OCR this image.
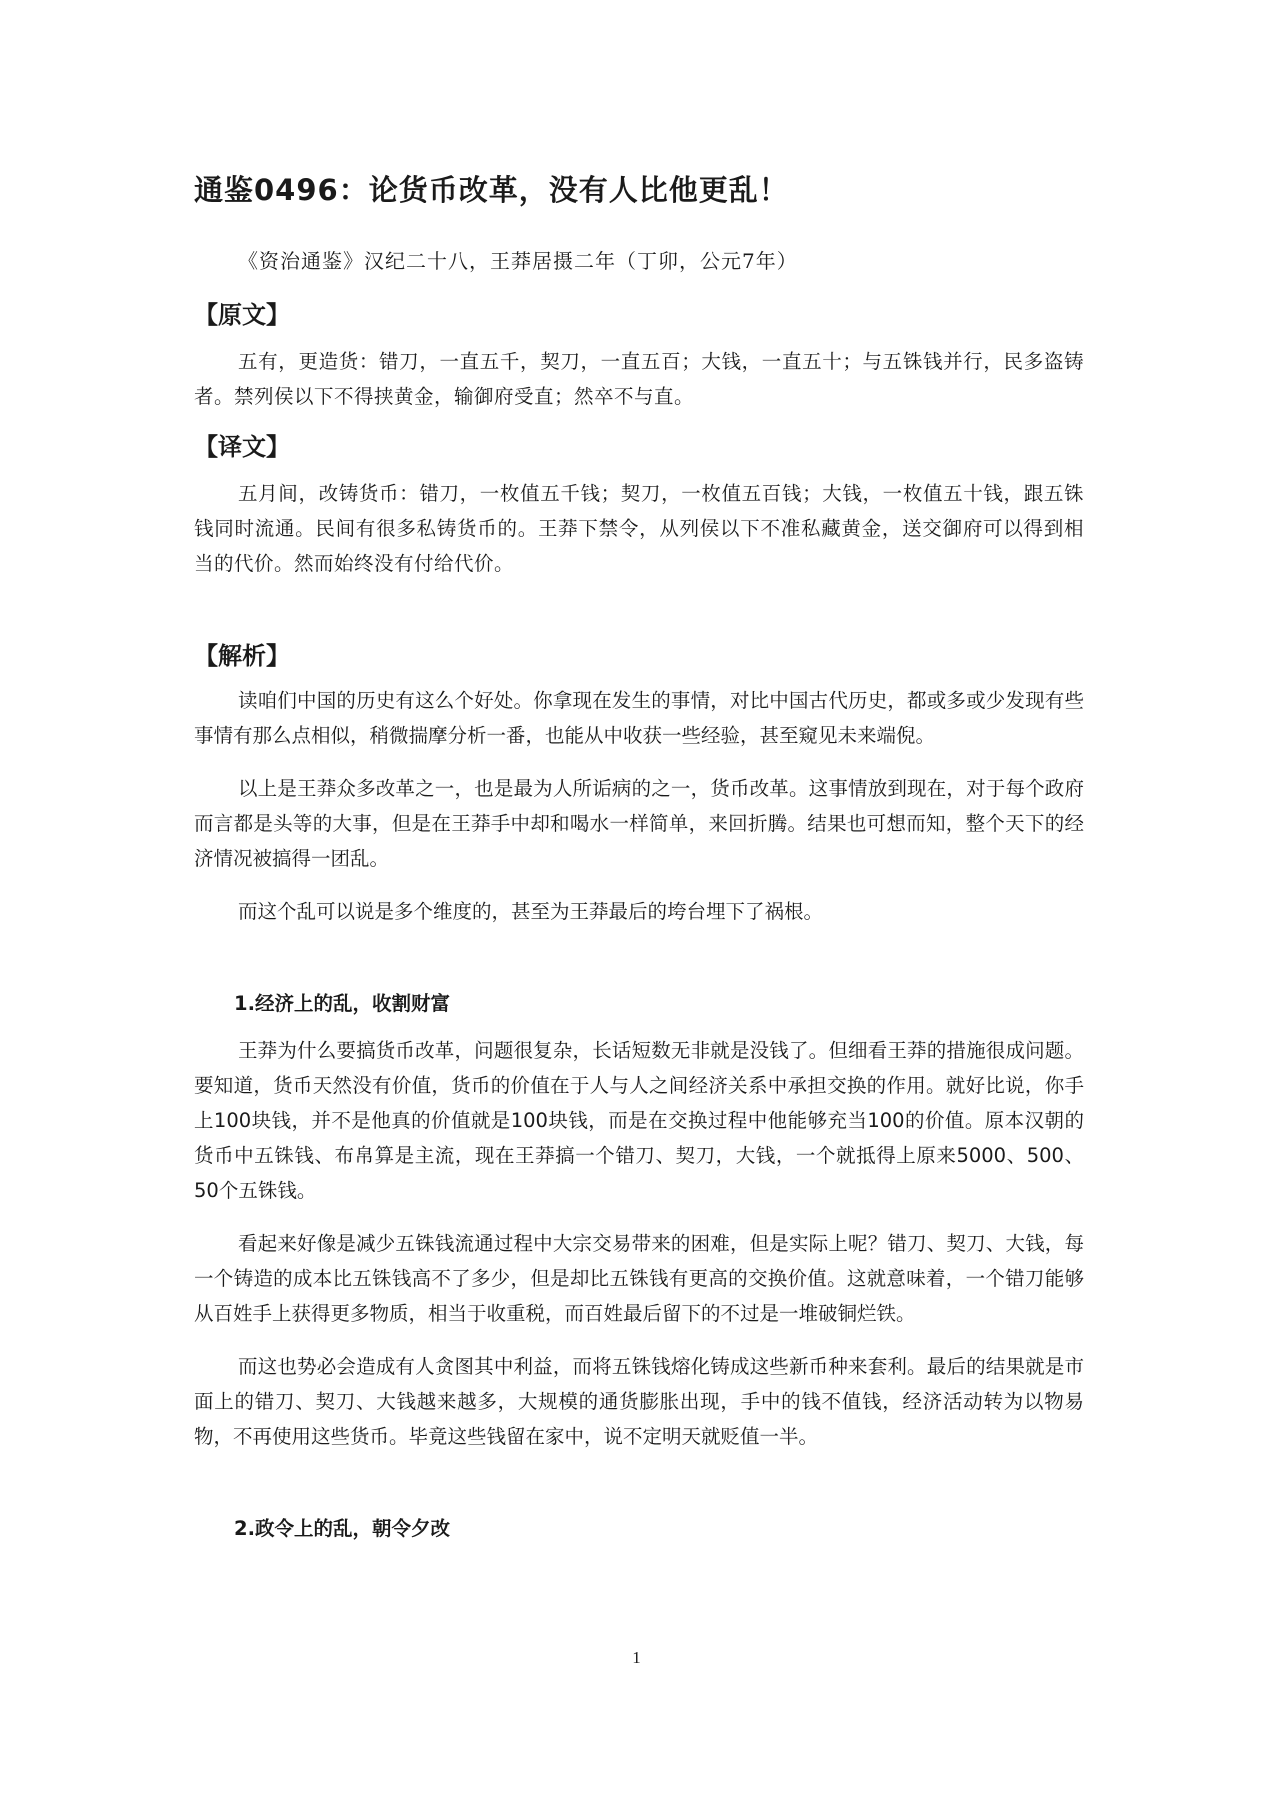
通鉴0496：论货币改革，没有人比他更乱！

《资治通鉴》汉纪二十八，王莽居摄二年（丁卯，公元7年）

【原文】

五有，更造货：错刀，一直五千，契刀，一直五百；大钱，一直五十；与五铢钱并行，民多盗铸者。禁列侯以下不得挟黄金，输御府受直；然卒不与直。

【译文】

五月间，改铸货币：错刀，一枚值五千钱；契刀，一枚值五百钱；大钱，一枚值五十钱，跟五铢钱同时流通。民间有很多私铸货币的。王莽下禁令，从列侯以下不准私藏黄金，送交御府可以得到相当的代价。然而始终没有付给代价。

【解析】

读咱们中国的历史有这么个好处。你拿现在发生的事情，对比中国古代历史，都或多或少发现有些事情有那么点相似，稍微揣摩分析一番，也能从中收获一些经验，甚至窥见未来端倪。

以上是王莽众多改革之一，也是最为人所诟病的之一，货币改革。这事情放到现在，对于每个政府而言都是头等的大事，但是在王莽手中却和喝水一样简单，来回折腾。结果也可想而知，整个天下的经济情况被搞得一团乱。

而这个乱可以说是多个维度的，甚至为王莽最后的垮台埋下了祸根。

1.经济上的乱，收割财富

王莽为什么要搞货币改革，问题很复杂，长话短数无非就是没钱了。但细看王莽的措施很成问题。要知道，货币天然没有价值，货币的价值在于人与人之间经济关系中承担交换的作用。就好比说，你手上100块钱，并不是他真的价值就是100块钱，而是在交换过程中他能够充当100的价值。原本汉朝的货币中五铢钱、布帛算是主流，现在王莽搞一个错刀、契刀，大钱，一个就抵得上原来5000、500、50个五铢钱。

看起来好像是减少五铢钱流通过程中大宗交易带来的困难，但是实际上呢？错刀、契刀、大钱，每一个铸造的成本比五铢钱高不了多少，但是却比五铢钱有更高的交换价值。这就意味着，一个错刀能够从百姓手上获得更多物质，相当于收重税，而百姓最后留下的不过是一堆破铜烂铁。

而这也势必会造成有人贪图其中利益，而将五铢钱熔化铸成这些新币种来套利。最后的结果就是市面上的错刀、契刀、大钱越来越多，大规模的通货膨胀出现，手中的钱不值钱，经济活动转为以物易物，不再使用这些货币。毕竟这些钱留在家中，说不定明天就贬值一半。

2.政令上的乱，朝令夕改
1
